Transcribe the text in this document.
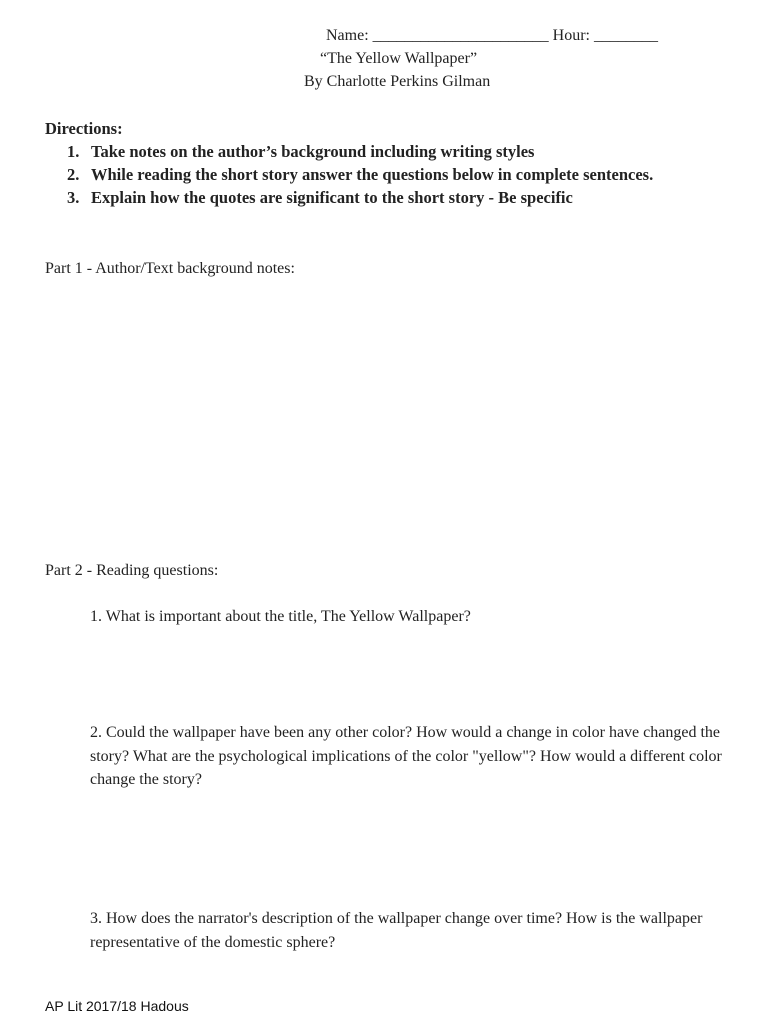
Name: ______________________ Hour: ________
“The Yellow Wallpaper”
By Charlotte Perkins Gilman
Directions:
1. Take notes on the author’s background including writing styles
2. While reading the short story answer the questions below in complete sentences.
3. Explain how the quotes are significant to the short story - Be specific
Part 1 - Author/Text background notes:
Part 2 - Reading questions:
1. What is important about the title, The Yellow Wallpaper?
2. Could the wallpaper have been any other color? How would a change in color have changed the story? What are the psychological implications of the color "yellow"? How would a different color change the story?
3. How does the narrator's description of the wallpaper change over time? How is the wallpaper representative of the domestic sphere?
AP Lit 2017/18 Hadous
